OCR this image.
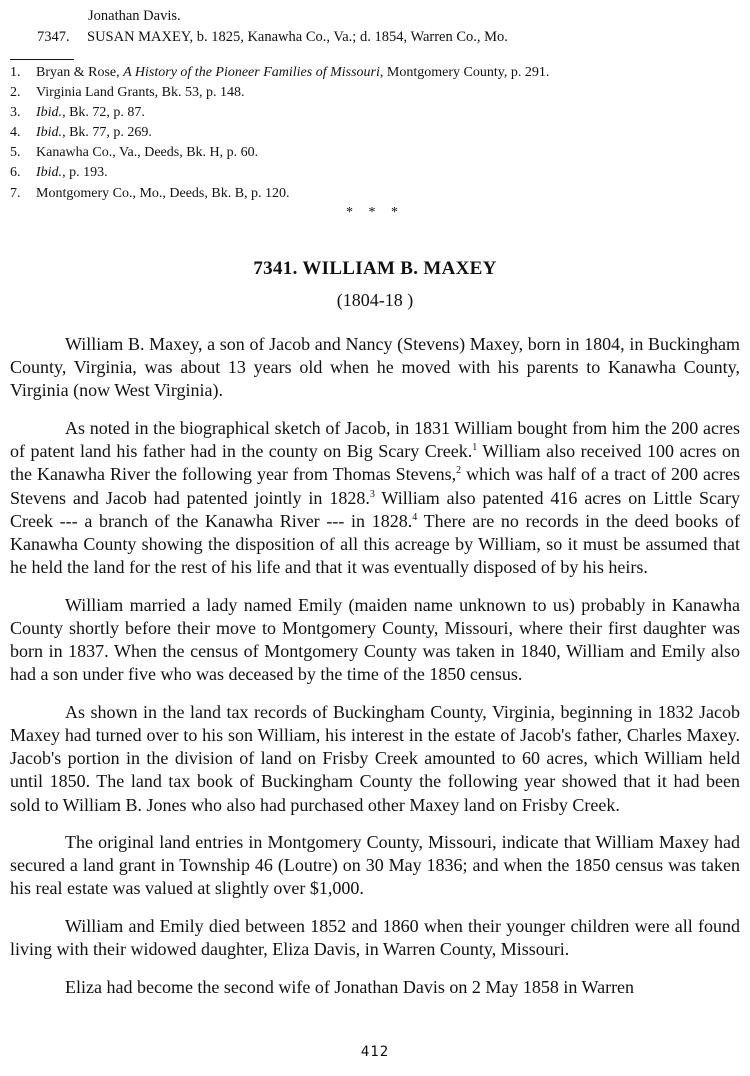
Jonathan Davis.
7347. SUSAN MAXEY, b. 1825, Kanawha Co., Va.; d. 1854, Warren Co., Mo.
1.	Bryan & Rose, A History of the Pioneer Families of Missouri, Montgomery County, p. 291.
2.	Virginia Land Grants, Bk. 53, p. 148.
3.	Ibid., Bk. 72, p. 87.
4.	Ibid., Bk. 77, p. 269.
5.	Kanawha Co., Va., Deeds, Bk. H, p. 60.
6.	Ibid., p. 193.
7.	Montgomery Co., Mo., Deeds, Bk. B, p. 120.
* * *
7341. WILLIAM B. MAXEY
(1804-18 )

William B. Maxey, a son of Jacob and Nancy (Stevens) Maxey, born in 1804, in Buckingham County, Virginia, was about 13 years old when he moved with his parents to Kanawha County, Virginia (now West Virginia).

As noted in the biographical sketch of Jacob, in 1831 William bought from him the 200 acres of patent land his father had in the county on Big Scary Creek.$^1$ William also received 100 acres on the Kanawha River the following year from Thomas Stevens,$^2$ which was half of a tract of 200 acres Stevens and Jacob had patented jointly in 1828.$^3$ William also patented 416 acres on Little Scary Creek --- a branch of the Kanawha River --- in 1828.$^4$ There are no records in the deed books of Kanawha County showing the disposition of all this acreage by William, so it must be assumed that he held the land for the rest of his life and that it was eventually disposed of by his heirs.

William married a lady named Emily (maiden name unknown to us) probably in Kanawha County shortly before their move to Montgomery County, Missouri, where their first daughter was born in 1837. When the census of Montgomery County was taken in 1840, William and Emily also had a son under five who was deceased by the time of the 1850 census.

As shown in the land tax records of Buckingham County, Virginia, beginning in 1832 Jacob Maxey had turned over to his son William, his interest in the estate of Jacob's father, Charles Maxey. Jacob's portion in the division of land on Frisby Creek amounted to 60 acres, which William held until 1850. The land tax book of Buckingham County the following year showed that it had been sold to William B. Jones who also had purchased other Maxey land on Frisby Creek.

The original land entries in Montgomery County, Missouri, indicate that William Maxey had secured a land grant in Township 46 (Loutre) on 30 May 1836; and when the 1850 census was taken his real estate was valued at slightly over $1,000.

William and Emily died between 1852 and 1860 when their younger children were all found living with their widowed daughter, Eliza Davis, in Warren County, Missouri.

Eliza had become the second wife of Jonathan Davis on 2 May 1858 in Warren

412
